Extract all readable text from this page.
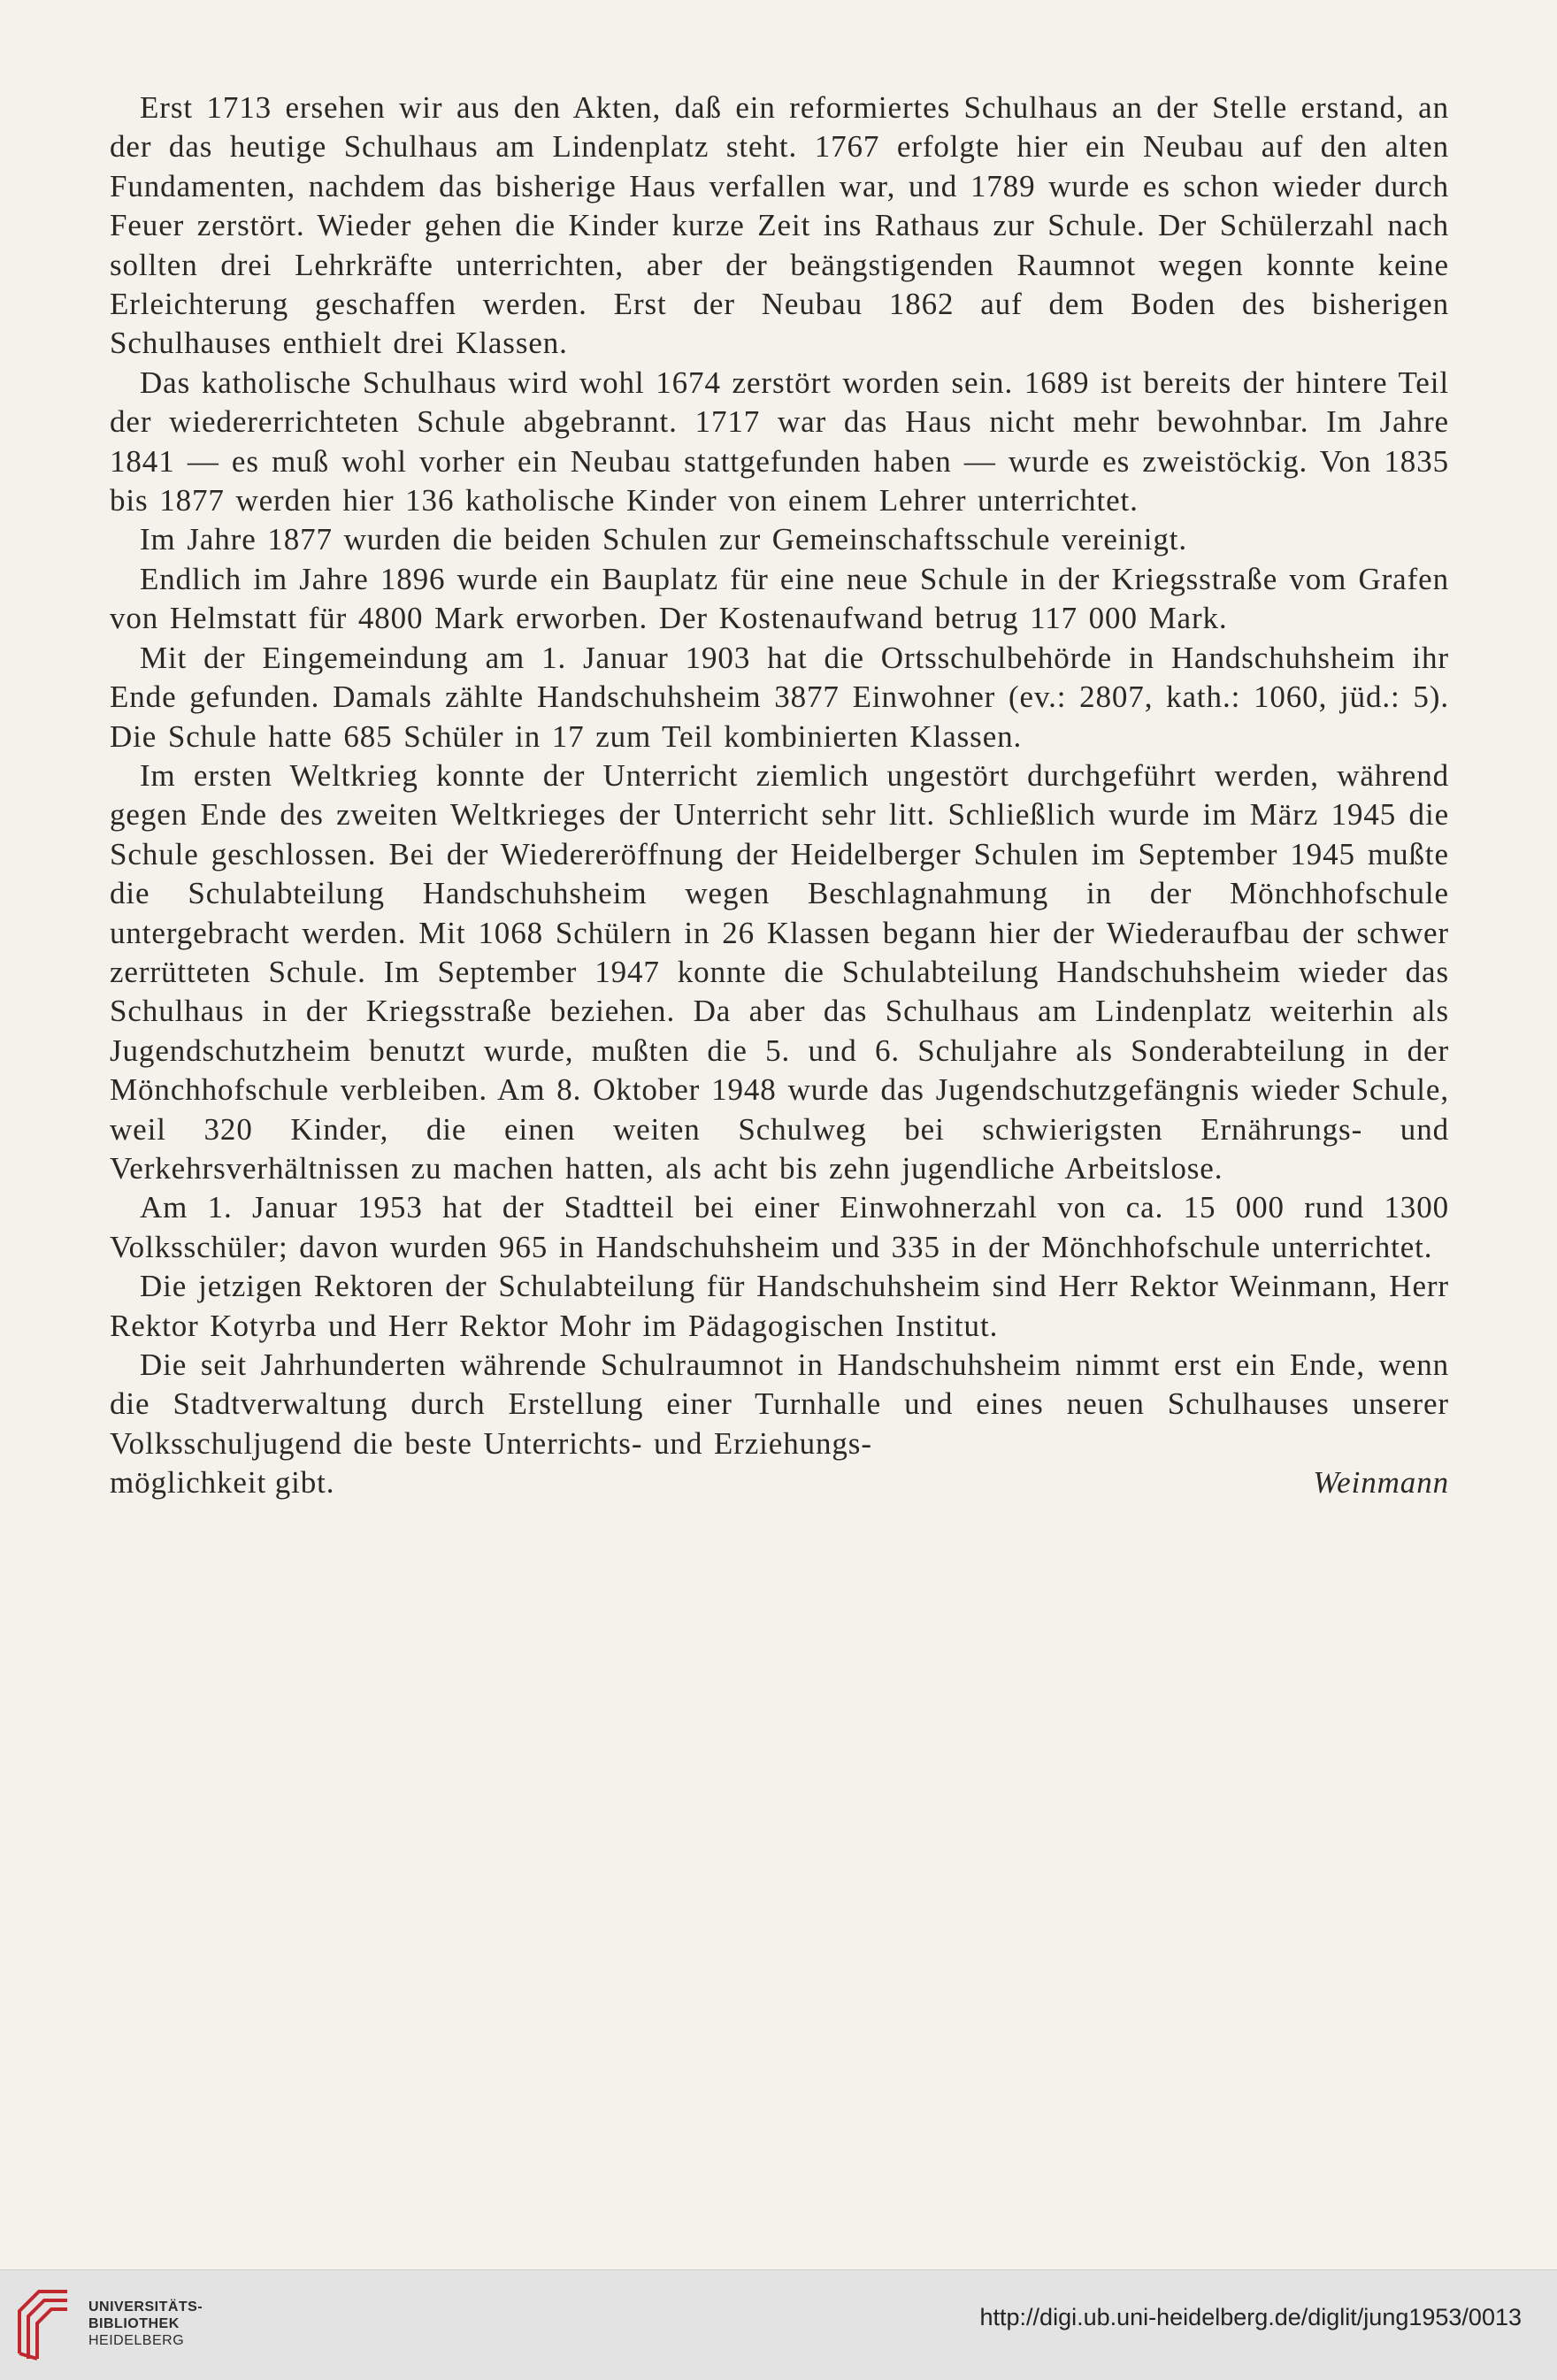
Erst 1713 ersehen wir aus den Akten, daß ein reformiertes Schulhaus an der Stelle erstand, an der das heutige Schulhaus am Lindenplatz steht. 1767 erfolgte hier ein Neubau auf den alten Fundamenten, nachdem das bisherige Haus verfallen war, und 1789 wurde es schon wieder durch Feuer zerstört. Wieder gehen die Kinder kurze Zeit ins Rathaus zur Schule. Der Schülerzahl nach sollten drei Lehrkräfte unterrichten, aber der beängstigenden Raumnot wegen konnte keine Erleichterung geschaffen werden. Erst der Neubau 1862 auf dem Boden des bisherigen Schulhauses enthielt drei Klassen.

Das katholische Schulhaus wird wohl 1674 zerstört worden sein. 1689 ist bereits der hintere Teil der wiedererrichteten Schule abgebrannt. 1717 war das Haus nicht mehr bewohnbar. Im Jahre 1841 — es muß wohl vorher ein Neubau stattgefunden haben — wurde es zweistöckig. Von 1835 bis 1877 werden hier 136 katholische Kinder von einem Lehrer unterrichtet.

Im Jahre 1877 wurden die beiden Schulen zur Gemeinschaftsschule vereinigt.

Endlich im Jahre 1896 wurde ein Bauplatz für eine neue Schule in der Kriegsstraße vom Grafen von Helmstatt für 4800 Mark erworben. Der Kostenaufwand betrug 117 000 Mark.

Mit der Eingemeindung am 1. Januar 1903 hat die Ortsschulbehörde in Handschuhsheim ihr Ende gefunden. Damals zählte Handschuhsheim 3877 Einwohner (ev.: 2807, kath.: 1060, jüd.: 5). Die Schule hatte 685 Schüler in 17 zum Teil kombinierten Klassen.

Im ersten Weltkrieg konnte der Unterricht ziemlich ungestört durchgeführt werden, während gegen Ende des zweiten Weltkrieges der Unterricht sehr litt. Schließlich wurde im März 1945 die Schule geschlossen. Bei der Wiedereröffnung der Heidelberger Schulen im September 1945 mußte die Schulabteilung Handschuhsheim wegen Beschlagnahmung in der Mönchhofschule untergebracht werden. Mit 1068 Schülern in 26 Klassen begann hier der Wiederaufbau der schwer zerrütteten Schule. Im September 1947 konnte die Schulabteilung Handschuhsheim wieder das Schulhaus in der Kriegsstraße beziehen. Da aber das Schulhaus am Lindenplatz weiterhin als Jugendschutzheim benutzt wurde, mußten die 5. und 6. Schuljahre als Sonderabteilung in der Mönchhofschule verbleiben. Am 8. Oktober 1948 wurde das Jugendschutzgefängnis wieder Schule, weil 320 Kinder, die einen weiten Schulweg bei schwierigsten Ernährungs- und Verkehrsverhältnissen zu machen hatten, als acht bis zehn jugendliche Arbeitslose.

Am 1. Januar 1953 hat der Stadtteil bei einer Einwohnerzahl von ca. 15 000 rund 1300 Volksschüler; davon wurden 965 in Handschuhsheim und 335 in der Mönchhofschule unterrichtet.

Die jetzigen Rektoren der Schulabteilung für Handschuhsheim sind Herr Rektor Weinmann, Herr Rektor Kotyrba und Herr Rektor Mohr im Pädagogischen Institut.

Die seit Jahrhunderten währende Schulraumnot in Handschuhsheim nimmt erst ein Ende, wenn die Stadtverwaltung durch Erstellung einer Turnhalle und eines neuen Schulhauses unserer Volksschuljugend die beste Unterrichts- und Erziehungs-

möglichkeit gibt.	Weinmann
UNIVERSITÄTS-
BIBLIOTHEK
HEIDELBERG
http://digi.ub.uni-heidelberg.de/diglit/jung1953/0013
